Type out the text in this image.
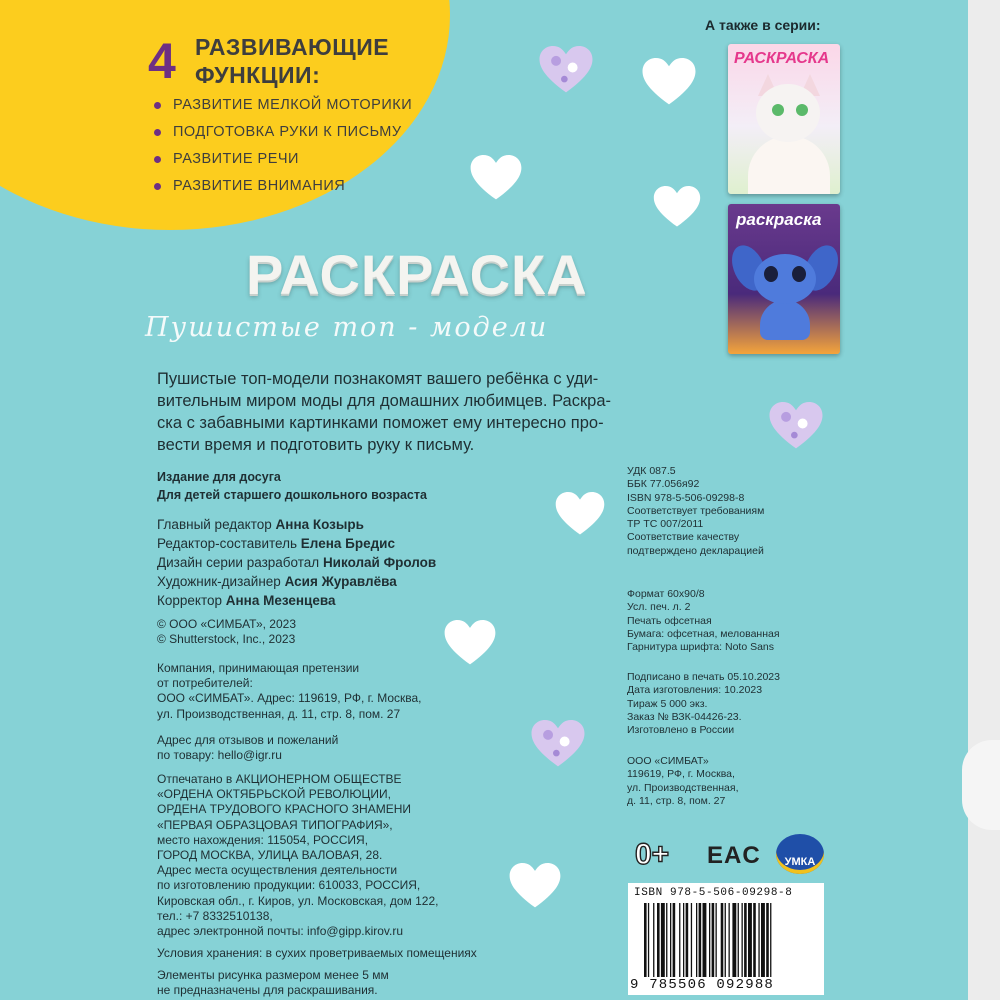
4 РАЗВИВАЮЩИЕ
ФУНКЦИИ:
РАЗВИТИЕ МЕЛКОЙ МОТОРИКИ
ПОДГОТОВКА РУКИ К ПИСЬМУ
РАЗВИТИЕ РЕЧИ
РАЗВИТИЕ ВНИМАНИЯ
А также в серии:
РАСКРАСКА
раскраска
РАСКРАСКА
Пушистые топ - модели
Пушистые топ-модели познакомят вашего ребёнка с уди-
вительным миром моды для домашних любимцев. Раскра-
ска с забавными картинками поможет ему интересно про-
вести время и подготовить руку к письму.
Издание для досуга
Для детей старшего дошкольного возраста
Главный редактор Анна Козырь
Редактор-составитель Елена Бредис
Дизайн серии разработал Николай Фролов
Художник-дизайнер Асия Журавлёва
Корректор Анна Мезенцева
© ООО «СИМБАТ», 2023
© Shutterstock, Inc., 2023
Компания, принимающая претензии
от потребителей:
ООО «СИМБАТ». Адрес: 119619, РФ, г. Москва,
ул. Производственная, д. 11, стр. 8, пом. 27
Адрес для отзывов и пожеланий
по товару: hello@igr.ru
Отпечатано в АКЦИОНЕРНОМ ОБЩЕСТВЕ
«ОРДЕНА ОКТЯБРЬСКОЙ РЕВОЛЮЦИИ,
ОРДЕНА ТРУДОВОГО КРАСНОГО ЗНАМЕНИ
«ПЕРВАЯ ОБРАЗЦОВАЯ ТИПОГРАФИЯ»,
место нахождения: 115054, РОССИЯ,
ГОРОД МОСКВА, УЛИЦА ВАЛОВАЯ, 28.
Адрес места осуществления деятельности
по изготовлению продукции: 610033, РОССИЯ,
Кировская обл., г. Киров, ул. Московская, дом 122,
тел.: +7 8332510138,
адрес электронной почты: info@gipp.kirov.ru
Условия хранения: в сухих проветриваемых помещениях
Элементы рисунка размером менее 5 мм
не предназначены для раскрашивания.
УДК 087.5
ББК 77.056я92
ISBN 978-5-506-09298-8
Соответствует требованиям
ТР ТС 007/2011
Соответствие качеству
подтверждено декларацией
Формат 60x90/8
Усл. печ. л. 2
Печать офсетная
Бумага: офсетная, мелованная
Гарнитура шрифта: Noto Sans
Подписано в печать 05.10.2023
Дата изготовления: 10.2023
Тираж 5 000 экз.
Заказ № ВЗК-04426-23.
Изготовлено в России
ООО «СИМБАТ»
119619, РФ, г. Москва,
ул. Производственная,
д. 11, стр. 8, пом. 27
0+ EAC	УМКА
ISBN 978-5-506-09298-8
9 785506 092988
